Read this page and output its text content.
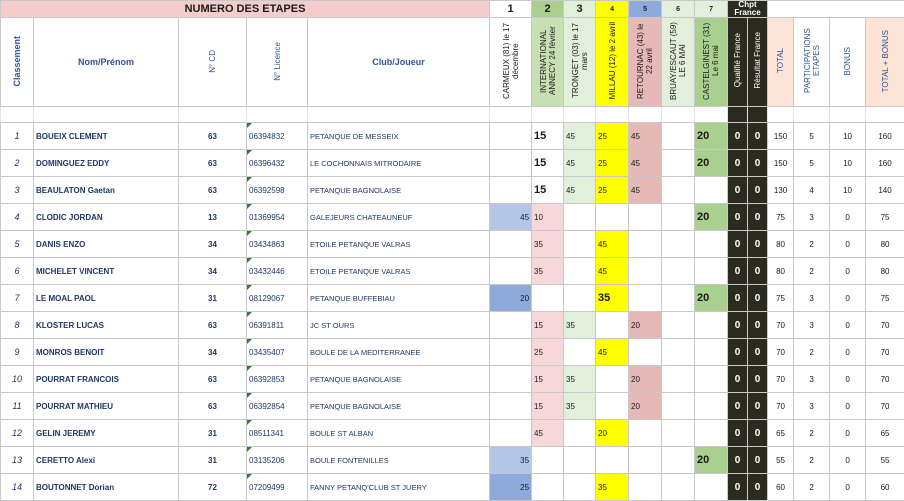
NUMERO DES ETAPES					1	2	3	4	5	6	7	Chpt France					
Classement	Nom/Prénom	N° CD	N° Licence	Club/Joueur	CARMEUX (81) le 17 décembre	INTERNATIONAL ANNECY 24 février	TRONGET (03) le 17 mars	MILLAU (12) le 2 avril	RETOURNAC (43) le 22 avril	BRUAY/ESCAUT (59) LE 6 MAI	CASTELGINEST (31) Le 6 mai	Qualifié France	Résultat France	TOTAL	PARTICIPATIONS ETAPES	BONUS	TOTAL + BONUS

1	BOUEIX CLEMENT	63	06394832	PETANQUE DE MESSEIX		15	45	25	45		20	0	0	150	5	10	160
2	DOMINGUEZ EDDY	63	06396432	LE COCHONNAIS MITRODAIRE		15	45	25	45		20	0	0	150	5	10	160
3	BEAULATON Gaetan	63	06392598	PETANQUE BAGNOLAISE		15	45	25	45			0	0	130	4	10	140
4	CLODIC JORDAN	13	01369954	GALEJEURS CHATEAUNEUF	45	10					20	0	0	75	3	0	75
5	DANIS ENZO	34	03434863	ETOILE PETANQUE VALRAS		35		45				0	0	80	2	0	80
6	MICHELET VINCENT	34	03432446	ETOILE PETANQUE VALRAS		35		45				0	0	80	2	0	80
7	LE MOAL PAOL	31	08129067	PETANQUE BUFFEBIAU	20			35			20	0	0	75	3	0	75
8	KLOSTER LUCAS	63	06391811	JC ST OURS		15	35		20			0	0	70	3	0	70
9	MONROS BENOIT	34	03435407	BOULE DE LA MEDITERRANEE		25		45				0	0	70	2	0	70
10	POURRAT FRANCOIS	63	06392853	PETANQUE BAGNOLAISE		15	35		20			0	0	70	3	0	70
11	POURRAT MATHIEU	63	06392854	PETANQUE BAGNOLAISE		15	35		20			0	0	70	3	0	70
12	GELIN JEREMY	31	08511341	BOULE ST ALBAN		45		20				0	0	65	2	0	65
13	CERETTO Alexi	31	03135206	BOULE FONTENILLES	35						20	0	0	55	2	0	55
14	BOUTONNET Dorian	72	07209499	FANNY PETANQ'CLUB ST JUERY	25			35				0	0	60	2	0	60
